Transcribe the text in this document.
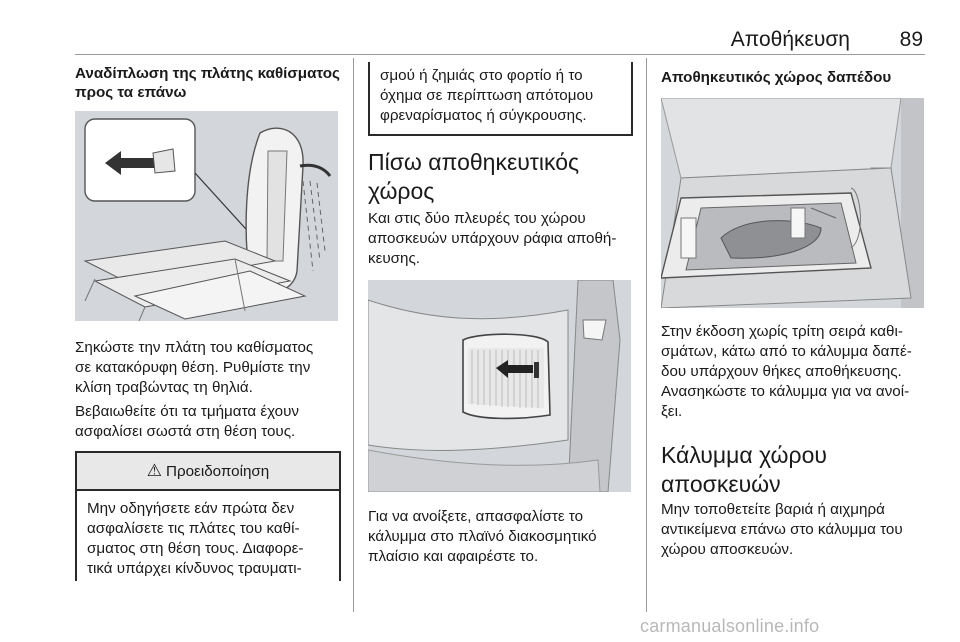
Αποθήκευση	89

Αναδίπλωση της πλάτης καθίσματος
προς τα επάνω

Σηκώστε την πλάτη του καθίσματος
σε κατακόρυφη θέση. Ρυθμίστε την
κλίση τραβώντας τη θηλιά.

Βεβαιωθείτε ότι τα τμήματα έχουν
ασφαλίσει σωστά στη θέση τους.

⚠ Προειδοποίηση
Μην οδηγήσετε εάν πρώτα δεν
ασφαλίσετε τις πλάτες του καθί-
σματος στη θέση τους. Διαφορε-
τικά υπάρχει κίνδυνος τραυματι-
σμού ή ζημιάς στο φορτίο ή το
όχημα σε περίπτωση απότομου
φρεναρίσματος ή σύγκρουσης.

Πίσω αποθηκευτικός χώρος

Και στις δύο πλευρές του χώρου
αποσκευών υπάρχουν ράφια αποθή-
κευσης.

Για να ανοίξετε, απασφαλίστε το
κάλυμμα στο πλαϊνό διακοσμητικό
πλαίσιο και αφαιρέστε το.

Αποθηκευτικός χώρος δαπέδου

Στην έκδοση χωρίς τρίτη σειρά καθι-
σμάτων, κάτω από το κάλυμμα δαπέ-
δου υπάρχουν θήκες αποθήκευσης.
Ανασηκώστε το κάλυμμα για να ανοί-
ξει.

Κάλυμμα χώρου
αποσκευών

Μην τοποθετείτε βαριά ή αιχμηρά
αντικείμενα επάνω στο κάλυμμα του
χώρου αποσκευών.

carmanualsonline.info
